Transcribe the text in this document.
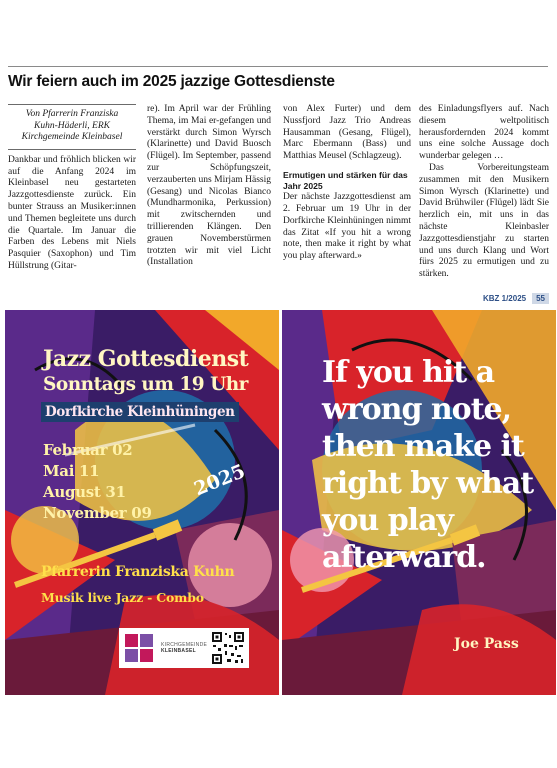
Wir feiern auch im 2025 jazzige Gottesdienste
Von Pfarrerin Franziska
Kuhn-Häderli, ERK
Kirchgemeinde Kleinbasel

Dankbar und fröhlich blicken wir auf die Anfang 2024 im Kleinbasel neu gestarteten Jazzgottesdienste zurück. Ein bunter Strauss an Musiker:innen und Themen begleitete uns durch die Quartale. Im Januar die Farben des Lebens mit Niels Pasquier (Saxophon) und Tim Hüllstrung (Gitar-

re). Im April war der Frühling Thema, im Mai er-gefangen und verstärkt durch Simon Wyrsch (Klarinette) und David Buosch (Flügel). Im September, passend zur Schöpfungszeit, verzauberten uns Mirjam Hässig (Gesang) und Nicolas Bianco (Mundharmonika, Perkussion) mit zwitschernden und trillierenden Klängen. Den grauen Novemberstürmen trotzten wir mit viel Licht (Installation

von Alex Furter) und dem Nussfjord Jazz Trio Andreas Hausamman (Gesang, Flügel), Marc Ebermann (Bass) und Matthias Meusel (Schlagzeug).

Ermutigen und stärken für das Jahr 2025

Der nächste Jazzgottesdienst am 2. Februar um 19 Uhr in der Dorfkirche Kleinhüningen nimmt das Zitat «If you hit a wrong note, then make it right by what you play afterward.»

des Einladungsflyers auf. Nach diesem weltpolitisch herausfordernden 2024 kommt uns eine solche Aussage doch wunderbar gelegen …

Das Vorbereitungsteam zusammen mit den Musikern Simon Wyrsch (Klarinette) und David Brühwiler (Flügel) lädt Sie herzlich ein, mit uns in das nächste Kleinbasler Jazzgottesdienstjahr zu starten und uns durch Klang und Wort fürs 2025 zu ermutigen und zu stärken.

KBZ 1/2025	55
Jazz Gottesdienst
Sonntags um 19 Uhr
Dorfkirche Kleinhüningen
Februar 02
Mai 11
August 31
November 09
2025
Pfarrerin Franziska Kuhn
Musik live Jazz - Combo
KIRCHGEMEINDE
KLEINBASEL
If you hit a
wrong note,
then make it
right by what
you play
afterward.
Joe Pass
